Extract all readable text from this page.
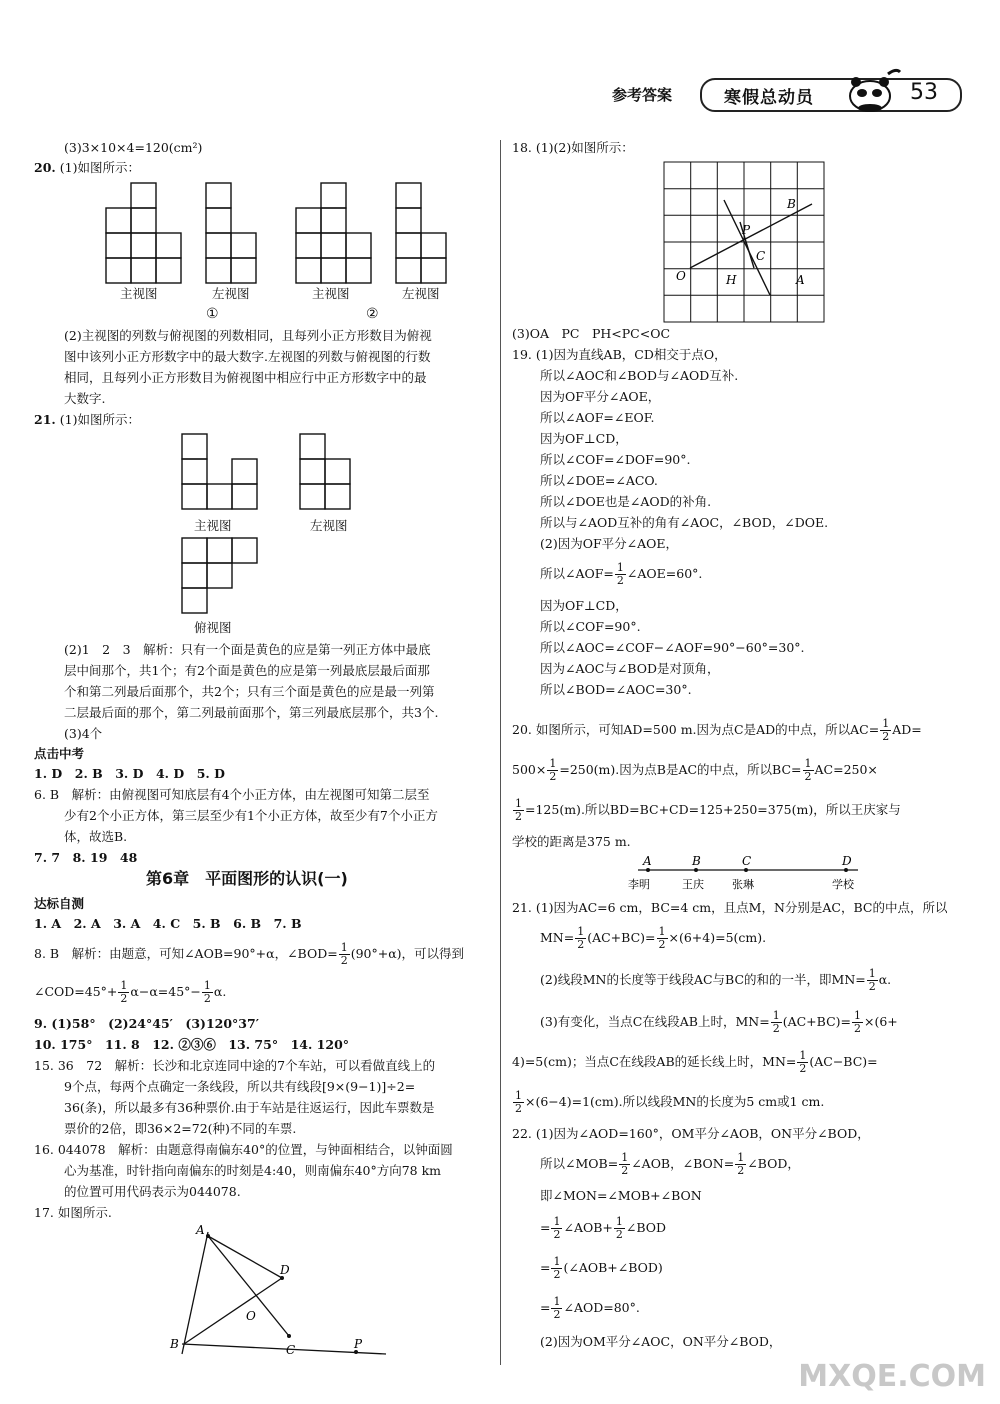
参考答案	寒假总动员	53
(3)3×10×4=120(cm²)
20. (1)如图所示：
主视图	左视图	主视图	左视图
①	②
(2)主视图的列数与俯视图的列数相同，且每列小正方形数目为俯视
图中该列小正方形数字中的最大数字.左视图的列数与俯视图的行数
相同，且每列小正方形数目为俯视图中相应行中正方形数字中的最
大数字.
21. (1)如图所示：
主视图	左视图
俯视图
(2)1　2　3　解析：只有一个面是黄色的应是第一列正方体中最底
层中间那个，共1个；有2个面是黄色的应是第一列最底层最后面那
个和第二列最后面那个，共2个；只有三个面是黄色的应是最一列第
二层最后面的那个，第二列最前面那个，第三列最底层那个，共3个.
(3)4个
点击中考
1. D　2. B　3. D　4. D　5. D
6. B　解析：由俯视图可知底层有4个小正方体，由左视图可知第二层至
少有2个小正方体，第三层至少有1个小正方体，故至少有7个小正方
体，故选B.
7. 7　8. 19　48
第6章　平面图形的认识(一)
达标自测
1. A　2. A　3. A　4. C　5. B　6. B　7. B
8. B　解析：由题意，可知∠AOB=90°+α，∠BOD= $\frac{1}{2} (90^\circ+\alpha)$，可以得到
∠COD=45°+ $\frac{1}{2} \alpha-\alpha=45^\circ- \frac{1}{2} \alpha$.
9. (1)58°　(2)24°45′　(3)120°37′
10. 175°　11. 8　12. ②③⑥　13. 75°　14. 120°
15. 36　72　解析：长沙和北京连同中途的7个车站，可以看做直线上的
9个点，每两个点确定一条线段，所以共有线段[9×(9−1)]÷2=
36(条)，所以最多有36种票价.由于车站是往返运行，因此车票数是
票价的2倍，即36×2=72(种)不同的车票.
16. 044078　解析：由题意得南偏东40°的位置，与钟面相结合，以钟面圆
心为基准，时针指向南偏东的时刻是4:40，则南偏东40°方向78 km
的位置可用代码表示为044078.
17. 如图所示.
A
D
O
B	C	P
18. (1)(2)如图所示：
B
P
C
O	H	A
(3)OA　PC　PH<PC<OC
19. (1)因为直线AB，CD相交于点O，
所以∠AOC和∠BOD与∠AOD互补.
因为OF平分∠AOE，
所以∠AOF=∠EOF.
因为OF⊥CD，
所以∠COF=∠DOF=90°.
所以∠DOE=∠ACO.
所以∠DOE也是∠AOD的补角.
所以与∠AOD互补的角有∠AOC，∠BOD，∠DOE.
(2)因为OF平分∠AOE，
所以∠AOF= $\frac{1}{2}$ ∠AOE=60°.
因为OF⊥CD，
所以∠COF=90°.
所以∠AOC=∠COF−∠AOF=90°−60°=30°.
因为∠AOC与∠BOD是对顶角，
所以∠BOD=∠AOC=30°.
20. 如图所示，可知AD=500 m.因为点C是AD的中点，所以$AC= \frac{1}{2} AD=$
$500\times \frac{1}{2} =250(m)$.因为点B是AC的中点，所以$BC= \frac{1}{2} AC=250\times$
$\frac{1}{2} =125(m)$.所以BD=BC+CD=125+250=375(m)，所以王庆家与
学校的距离是375 m.
A	B	C	D
李明	王庆	张琳	学校
21. (1)因为AC=6 cm，BC=4 cm，且点M，N分别是AC，BC的中点，所以
$MN= \frac{1}{2} (AC+BC)= \frac{1}{2} \times(6+4)=5(cm)$.
(2)线段MN的长度等于线段AC与BC的和的一半，即$MN= \frac{1}{2} \alpha$.
(3)有变化，当点C在线段AB上时，$MN= \frac{1}{2} (AC+BC)= \frac{1}{2} \times(6+$
4)=5(cm)；当点C在线段AB的延长线上时，$MN= \frac{1}{2} (AC-BC)=$
$\frac{1}{2} \times(6-4)=1(cm)$.所以线段MN的长度为5 cm或1 cm.
22. (1)因为∠AOD=160°，OM平分∠AOB，ON平分∠BOD，
所以∠MOB= $\frac{1}{2}$ ∠AOB，∠BON= $\frac{1}{2}$ ∠BOD，
即∠MON=∠MOB+∠BON
= $\frac{1}{2}$ ∠AOB+ $\frac{1}{2}$ ∠BOD
= $\frac{1}{2}$ (∠AOB+∠BOD)
= $\frac{1}{2}$ ∠AOD=80°.
(2)因为OM平分∠AOC，ON平分∠BOD，
MXQE.COM
